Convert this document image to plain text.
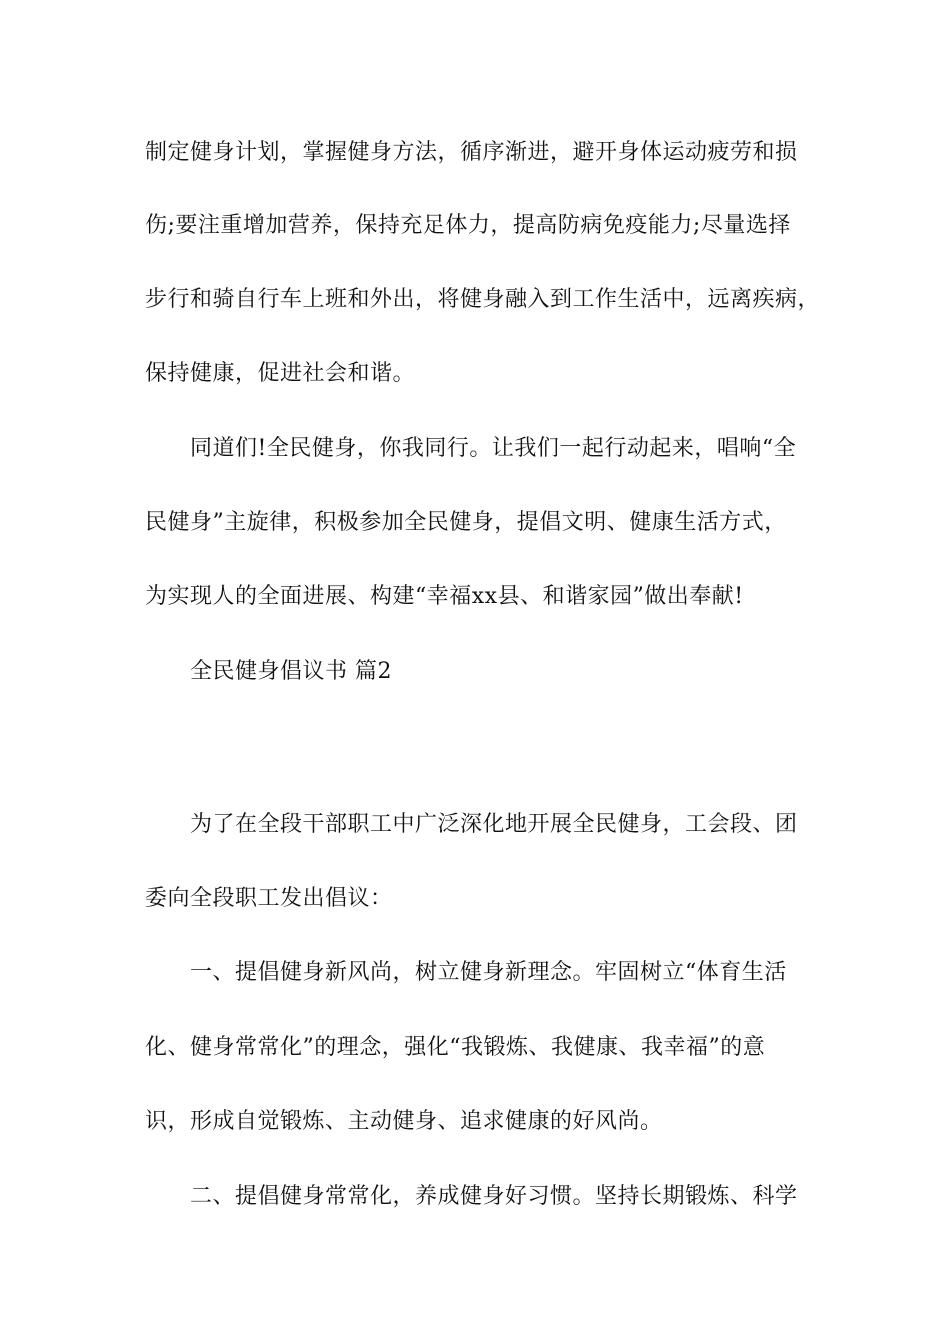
制定健身计划，掌握健身方法，循序渐进，避开身体运动疲劳和损
伤;要注重增加营养，保持充足体力，提高防病免疫能力;尽量选择
步行和骑自行车上班和外出，将健身融入到工作生活中，远离疾病，
保持健康，促进社会和谐。
同道们!全民健身，你我同行。让我们一起行动起来，唱响“全
民健身”主旋律，积极参加全民健身，提倡文明、健康生活方式，
为实现人的全面进展、构建“幸福xx县、和谐家园”做出奉献!
全民健身倡议书 篇2
为了在全段干部职工中广泛深化地开展全民健身，工会段、团
委向全段职工发出倡议：
一、提倡健身新风尚，树立健身新理念。牢固树立“体育生活
化、健身常常化”的理念，强化“我锻炼、我健康、我幸福”的意
识，形成自觉锻炼、主动健身、追求健康的好风尚。
二、提倡健身常常化，养成健身好习惯。坚持长期锻炼、科学
